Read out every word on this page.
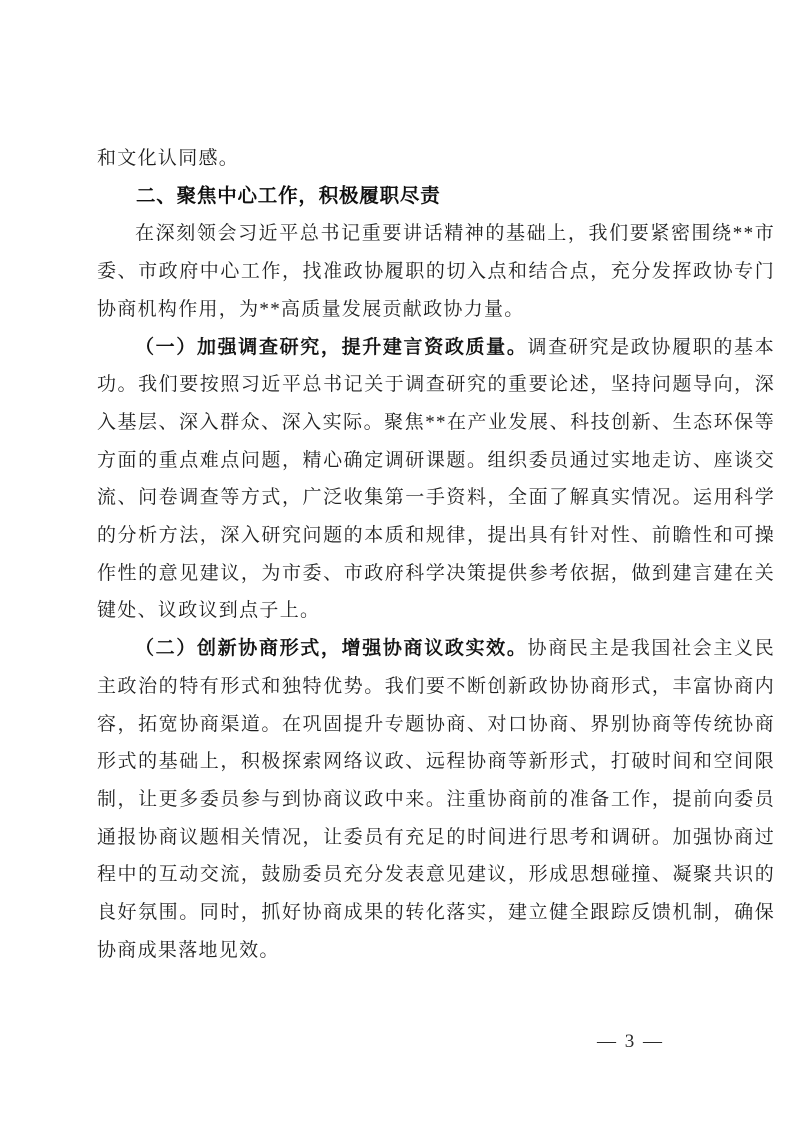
和文化认同感。

二、聚焦中心工作，积极履职尽责

在深刻领会习近平总书记重要讲话精神的基础上，我们要紧密围绕**市委、市政府中心工作，找准政协履职的切入点和结合点，充分发挥政协专门协商机构作用，为**高质量发展贡献政协力量。

（一）加强调查研究，提升建言资政质量。调查研究是政协履职的基本功。我们要按照习近平总书记关于调查研究的重要论述，坚持问题导向，深入基层、深入群众、深入实际。聚焦**在产业发展、科技创新、生态环保等方面的重点难点问题，精心确定调研课题。组织委员通过实地走访、座谈交流、问卷调查等方式，广泛收集第一手资料，全面了解真实情况。运用科学的分析方法，深入研究问题的本质和规律，提出具有针对性、前瞻性和可操作性的意见建议，为市委、市政府科学决策提供参考依据，做到建言建在关键处、议政议到点子上。

（二）创新协商形式，增强协商议政实效。协商民主是我国社会主义民主政治的特有形式和独特优势。我们要不断创新政协协商形式，丰富协商内容，拓宽协商渠道。在巩固提升专题协商、对口协商、界别协商等传统协商形式的基础上，积极探索网络议政、远程协商等新形式，打破时间和空间限制，让更多委员参与到协商议政中来。注重协商前的准备工作，提前向委员通报协商议题相关情况，让委员有充足的时间进行思考和调研。加强协商过程中的互动交流，鼓励委员充分发表意见建议，形成思想碰撞、凝聚共识的良好氛围。同时，抓好协商成果的转化落实，建立健全跟踪反馈机制，确保协商成果落地见效。

— 3 —
